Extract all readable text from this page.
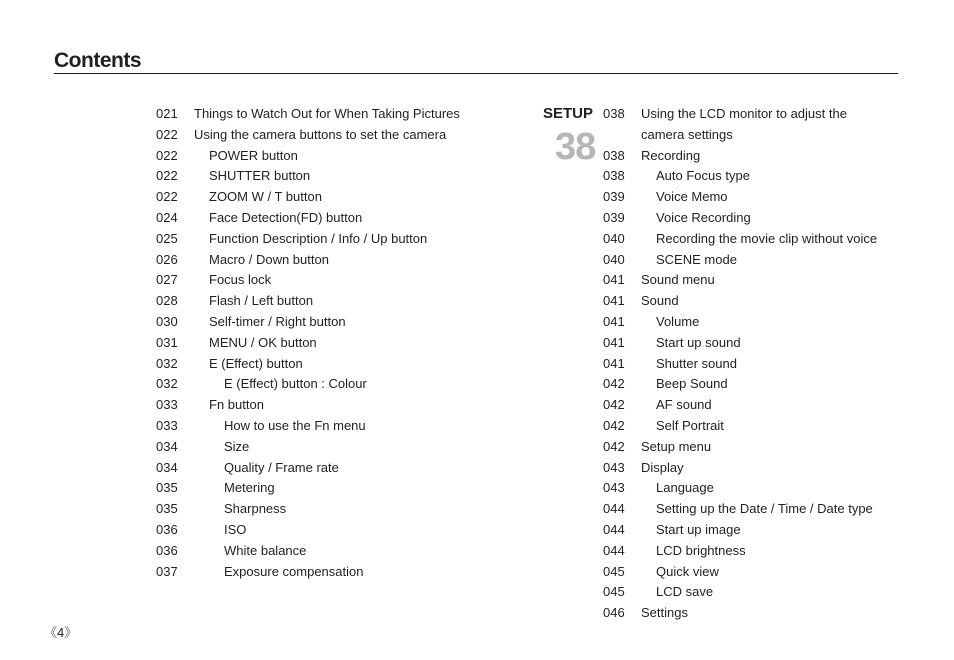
Contents
021 Things to Watch Out for When Taking Pictures
022 Using the camera buttons to set the camera
022 POWER button
022 SHUTTER button
022 ZOOM W / T button
024 Face Detection(FD) button
025 Function Description / Info / Up button
026 Macro / Down button
027 Focus lock
028 Flash / Left button
030 Self-timer / Right button
031 MENU / OK button
032 E (Effect) button
032	E (Effect) button : Colour
033 Fn button
033	How to use the Fn menu
034	Size
034	Quality / Frame rate
035	Metering
035	Sharpness
036	ISO
036	White balance
037	Exposure compensation
SETUP
38
038 Using the LCD monitor to adjust the
camera settings
038 Recording
038 Auto Focus type
039 Voice Memo
039 Voice Recording
040 Recording the movie clip without voice
040 SCENE mode
041 Sound menu
041 Sound
041 Volume
041 Start up sound
041 Shutter sound
042 Beep Sound
042 AF sound
042 Self Portrait
042 Setup menu
043 Display
043 Language
044 Setting up the Date / Time / Date type
044 Start up image
044 LCD brightness
045 Quick view
045 LCD save
046 Settings
《4》
